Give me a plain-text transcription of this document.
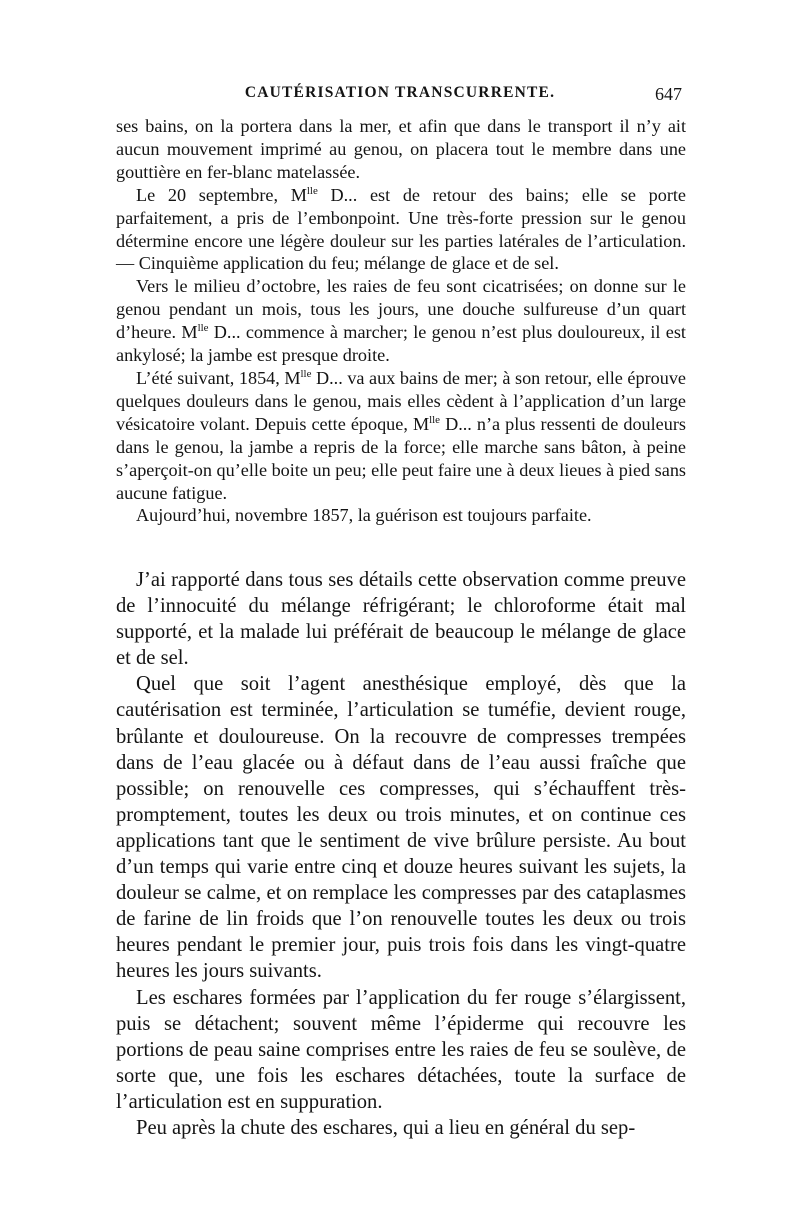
CAUTÉRISATION TRANSCURRENTE.	647

ses bains, on la portera dans la mer, et afin que dans le transport il n’y ait aucun mouvement imprimé au genou, on placera tout le membre dans une gouttière en fer-blanc matelassée.

Le 20 septembre, $M^{lle}$ D... est de retour des bains; elle se porte parfaitement, a pris de l’embonpoint. Une très-forte pression sur le genou détermine encore une légère douleur sur les parties latérales de l’articulation. — Cinquième application du feu; mélange de glace et de sel.

Vers le milieu d’octobre, les raies de feu sont cicatrisées; on donne sur le genou pendant un mois, tous les jours, une douche sulfureuse d’un quart d’heure. $M^{lle}$ D... commence à marcher; le genou n’est plus douloureux, il est ankylosé; la jambe est presque droite.

L’été suivant, 1854, $M^{lle}$ D... va aux bains de mer; à son retour, elle éprouve quelques douleurs dans le genou, mais elles cèdent à l’application d’un large vésicatoire volant. Depuis cette époque, $M^{lle}$ D... n’a plus ressenti de douleurs dans le genou, la jambe a repris de la force; elle marche sans bâton, à peine s’aperçoit-on qu’elle boite un peu; elle peut faire une à deux lieues à pied sans aucune fatigue.

Aujourd’hui, novembre 1857, la guérison est toujours parfaite.

J’ai rapporté dans tous ses détails cette observation comme preuve de l’innocuité du mélange réfrigérant; le chloroforme était mal supporté, et la malade lui préférait de beaucoup le mélange de glace et de sel.

Quel que soit l’agent anesthésique employé, dès que la cautérisation est terminée, l’articulation se tuméfie, devient rouge, brûlante et douloureuse. On la recouvre de compresses trempées dans de l’eau glacée ou à défaut dans de l’eau aussi fraîche que possible; on renouvelle ces compresses, qui s’échauffent très-promptement, toutes les deux ou trois minutes, et on continue ces applications tant que le sentiment de vive brûlure persiste. Au bout d’un temps qui varie entre cinq et douze heures suivant les sujets, la douleur se calme, et on remplace les compresses par des cataplasmes de farine de lin froids que l’on renouvelle toutes les deux ou trois heures pendant le premier jour, puis trois fois dans les vingt-quatre heures les jours suivants.

Les eschares formées par l’application du fer rouge s’élargissent, puis se détachent; souvent même l’épiderme qui recouvre les portions de peau saine comprises entre les raies de feu se soulève, de sorte que, une fois les eschares détachées, toute la surface de l’articulation est en suppuration.

Peu après la chute des eschares, qui a lieu en général du sep-
